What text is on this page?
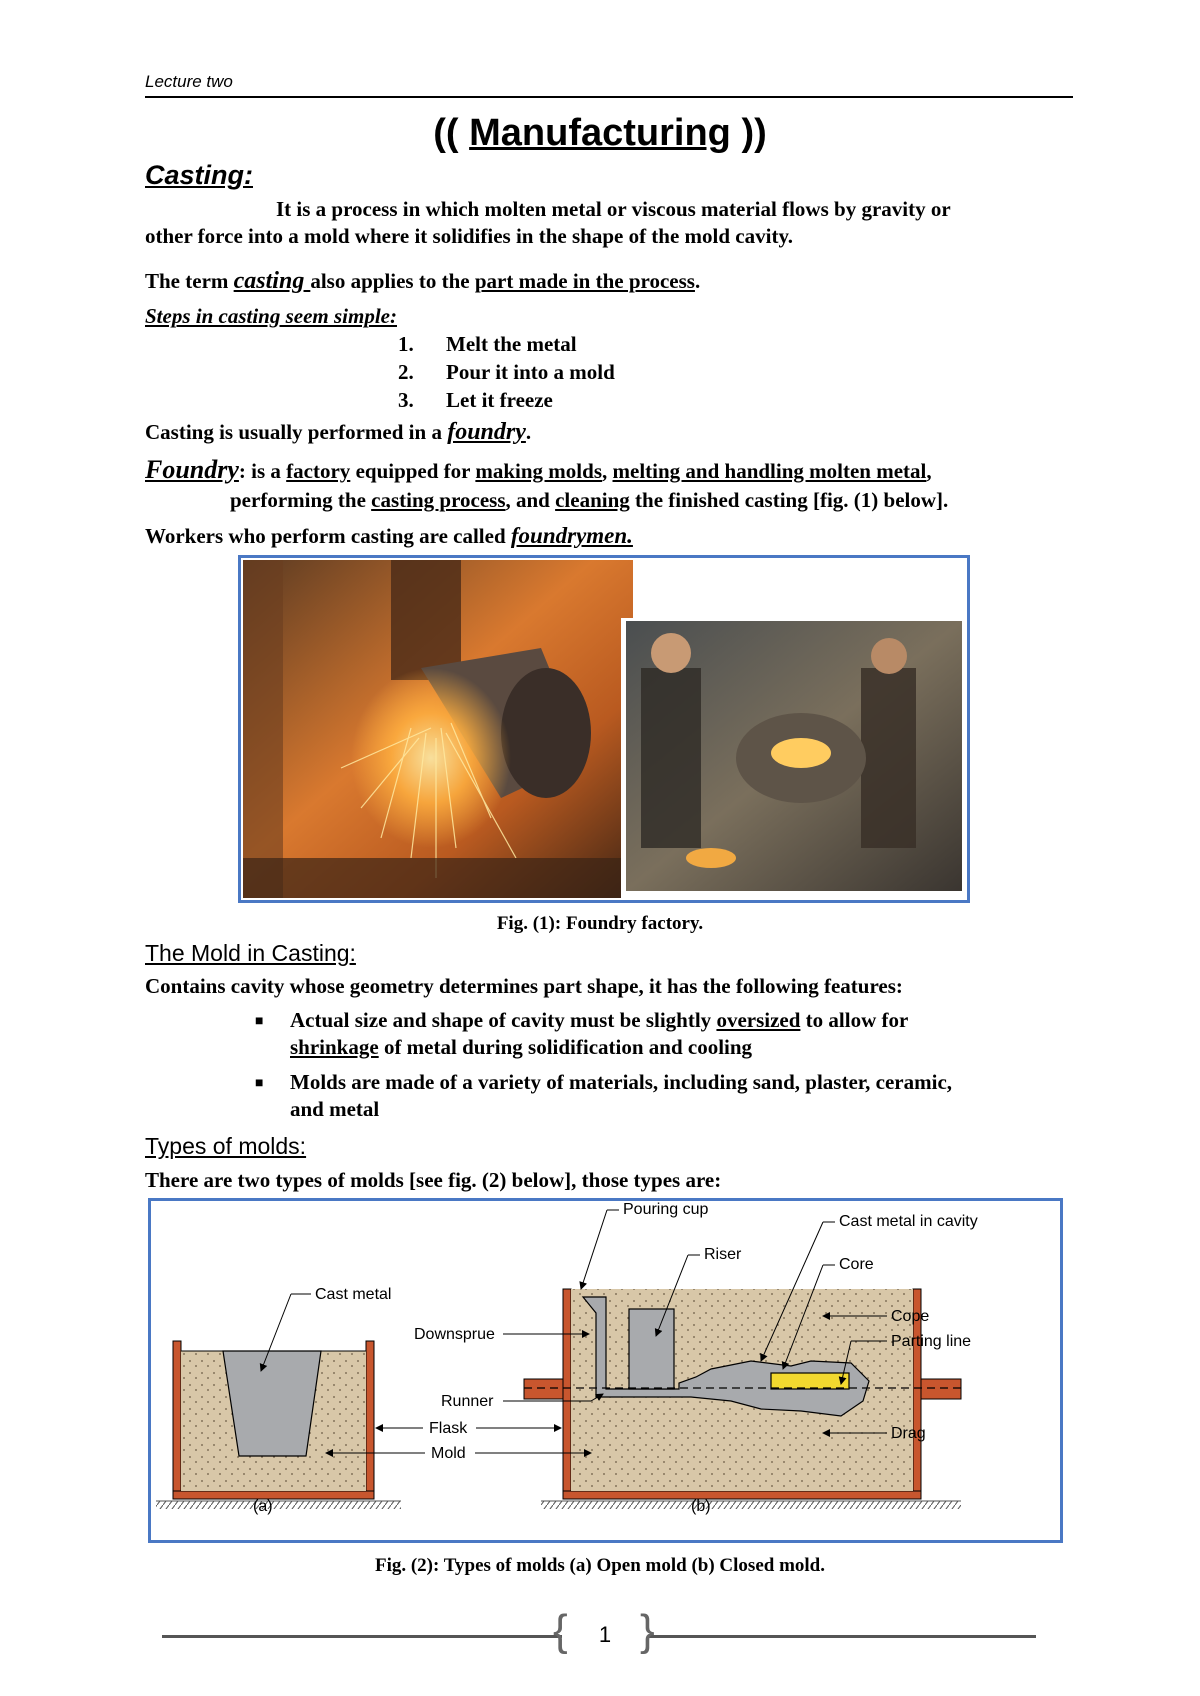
Lecture two
(( Manufacturing ))
Casting:
It is a process in which molten metal or viscous material flows by gravity or
other force into a mold where it solidifies in the shape of the mold cavity.
The term casting also applies to the part made in the process.
Steps in casting seem simple:
1. Melt the metal
2. Pour it into a mold
3. Let it freeze
Casting is usually performed in a foundry.
Foundry: is a factory equipped for making molds, melting and handling molten metal,
performing the casting process, and cleaning the finished casting [fig. (1) below].
Workers who perform casting are called foundrymen.
Fig. (1): Foundry factory.
The Mold in Casting:
Contains cavity whose geometry determines part shape, it has the following features:
■ Actual size and shape of cavity must be slightly oversized to allow for
shrinkage of metal during solidification and cooling
■ Molds are made of a variety of materials, including sand, plaster, ceramic,
and metal
Types of molds:
There are two types of molds [see fig. (2) below], those types are:
Cast metal
Pouring cup
Riser
Cast metal in cavity
Core
Cope
Parting line
Downsprue
Runner
Flask
Mold
Drag
(a)	(b)
Fig. (2): Types of molds (a) Open mold (b) Closed mold.
{ }
1
